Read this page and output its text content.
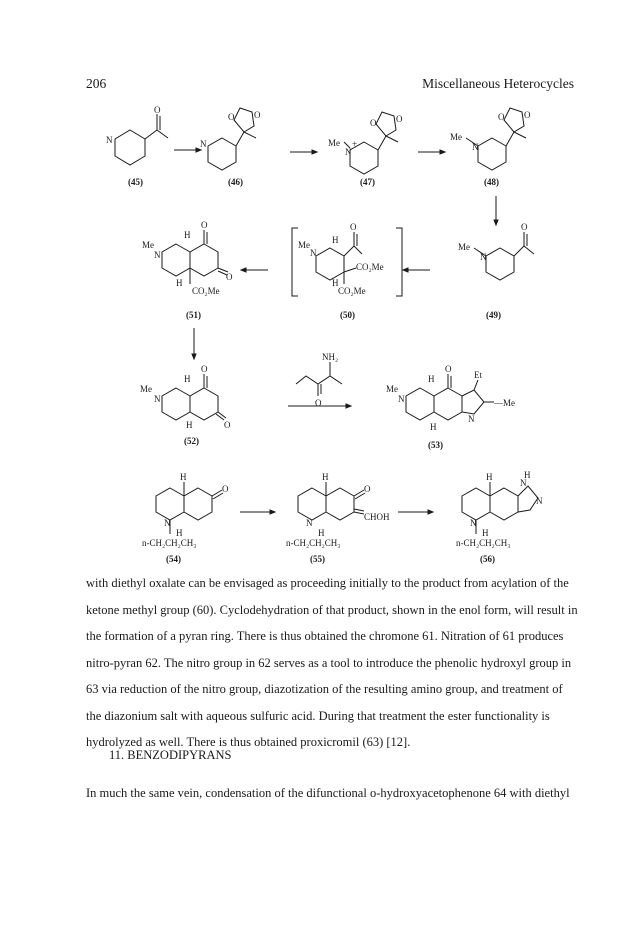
206	Miscellaneous Heterocycles
N
O
(45)
N
O O
(46)
Me
N
+
O O
(47)
Me
N
O O
(48)
Me
N
O
(49)
Me
N
H
O
CO₂Me
H
CO₂Me
(50)
Me
N
H
O
O
H
CO₂Me
(51)
Me
N
H
O
O
H
(52)
NH₂
O
Me
N
H
O
Et
—Me
N
H
(53)
H
O
N
H
n-CH₂CH₂CH₃
(54)
H
O
CHOH
N
H
n-CH₂CH₂CH₃
(55)
H	H
N
N
N
H
n-CH₂CH₂CH₃
(56)

with diethyl oxalate can be envisaged as proceeding initially to the product from acylation of the

ketone methyl group (60). Cyclodehydration of that product, shown in the enol form, will result in

the formation of a pyran ring. There is thus obtained the chromone 61. Nitration of 61 produces

nitro-pyran 62. The nitro group in 62 serves as a tool to introduce the phenolic hydroxyl group in

63 via reduction of the nitro group, diazotization of the resulting amino group, and treatment of

the diazonium salt with aqueous sulfuric acid. During that treatment the ester functionality is

hydrolyzed as well. There is thus obtained proxicromil (63) [12].

11. BENZODIPYRANS

In much the same vein, condensation of the difunctional o-hydroxyacetophenone 64 with diethyl
